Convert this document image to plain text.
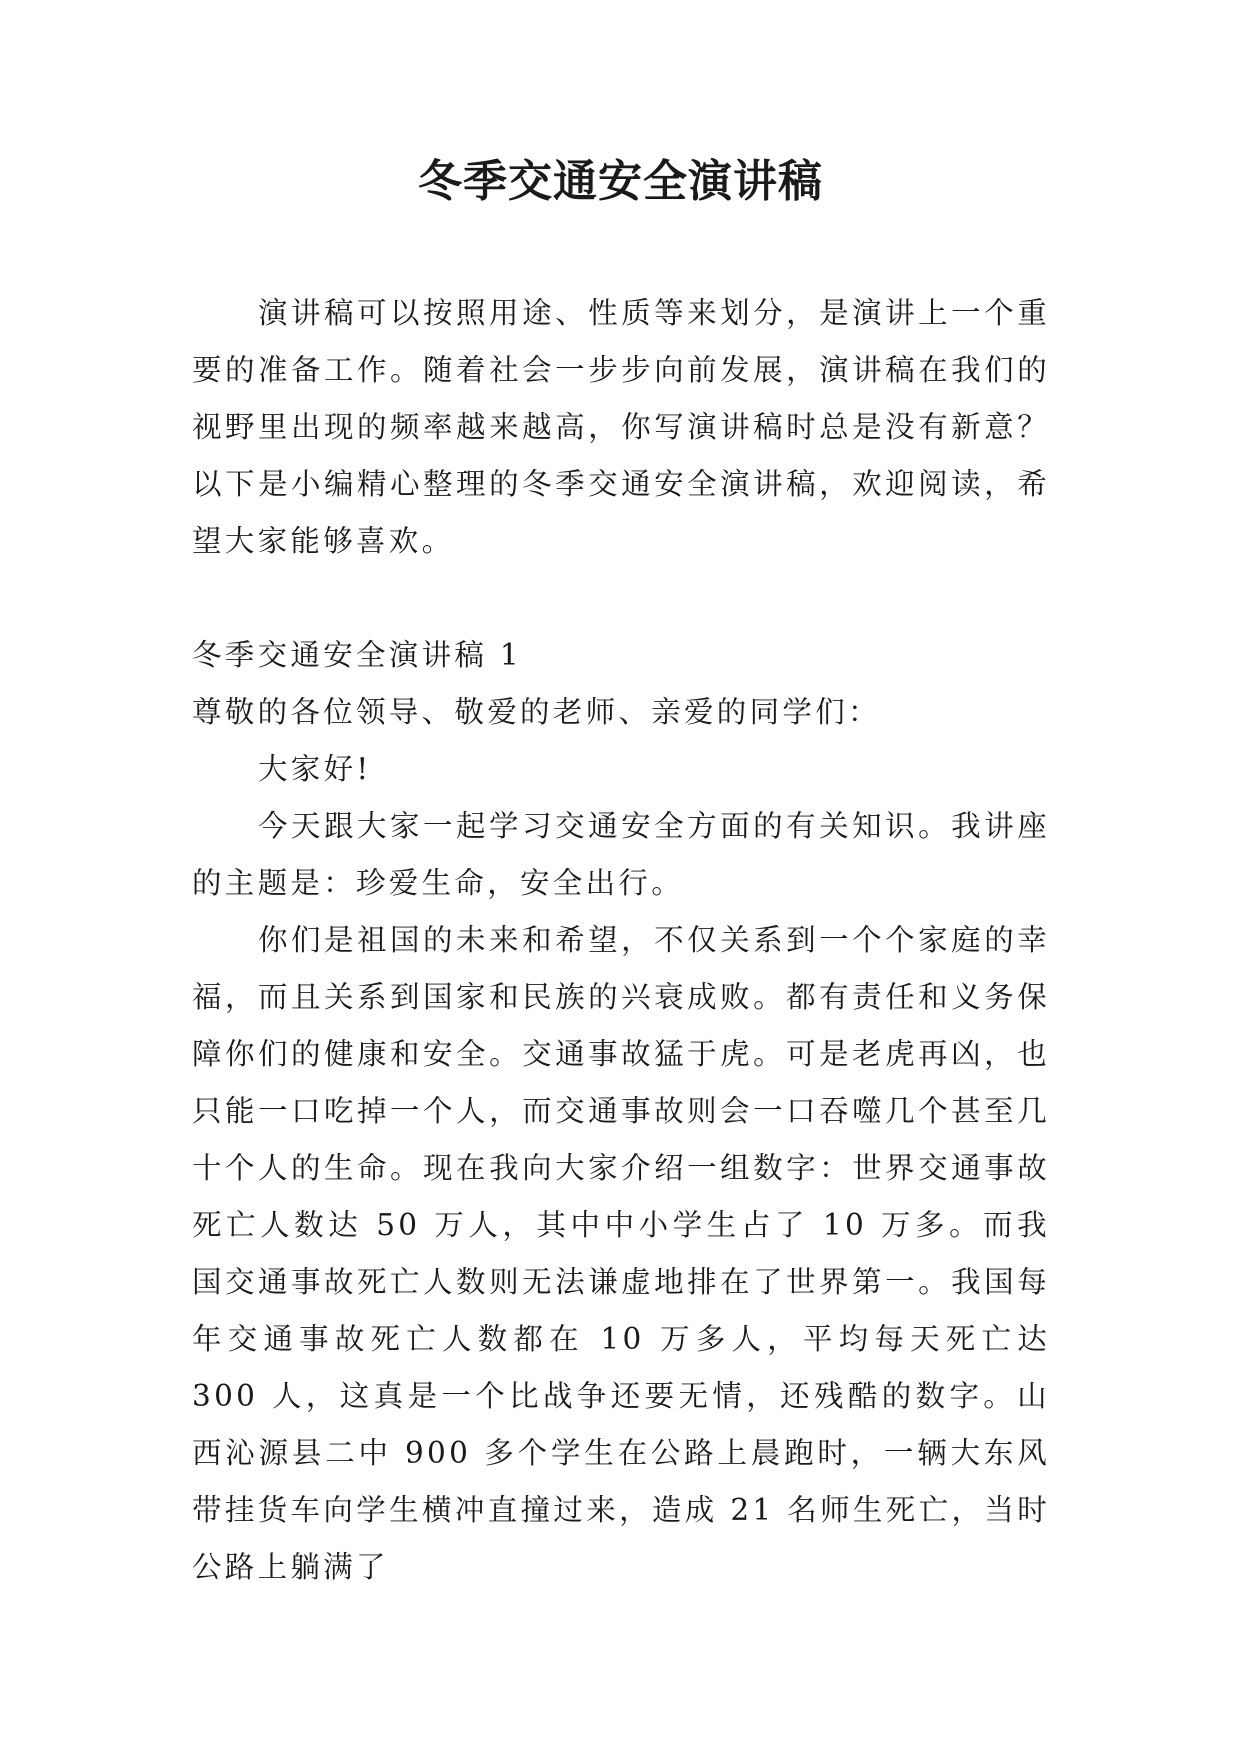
冬季交通安全演讲稿

演讲稿可以按照用途、性质等来划分，是演讲上一个重要的准备工作。随着社会一步步向前发展，演讲稿在我们的视野里出现的频率越来越高，你写演讲稿时总是没有新意？以下是小编精心整理的冬季交通安全演讲稿，欢迎阅读，希望大家能够喜欢。

冬季交通安全演讲稿 1

尊敬的各位领导、敬爱的老师、亲爱的同学们：

大家好!

今天跟大家一起学习交通安全方面的有关知识。我讲座的主题是：珍爱生命，安全出行。

你们是祖国的未来和希望，不仅关系到一个个家庭的幸福，而且关系到国家和民族的兴衰成败。都有责任和义务保障你们的健康和安全。交通事故猛于虎。可是老虎再凶，也只能一口吃掉一个人，而交通事故则会一口吞噬几个甚至几十个人的生命。现在我向大家介绍一组数字：世界交通事故死亡人数达 50 万人，其中中小学生占了 10 万多。而我国交通事故死亡人数则无法谦虚地排在了世界第一。我国每年交通事故死亡人数都在 10 万多人，平均每天死亡达 300 人，这真是一个比战争还要无情，还残酷的数字。山西沁源县二中 900 多个学生在公路上晨跑时，一辆大东风带挂货车向学生横冲直撞过来，造成 21 名师生死亡，当时公路上躺满了
